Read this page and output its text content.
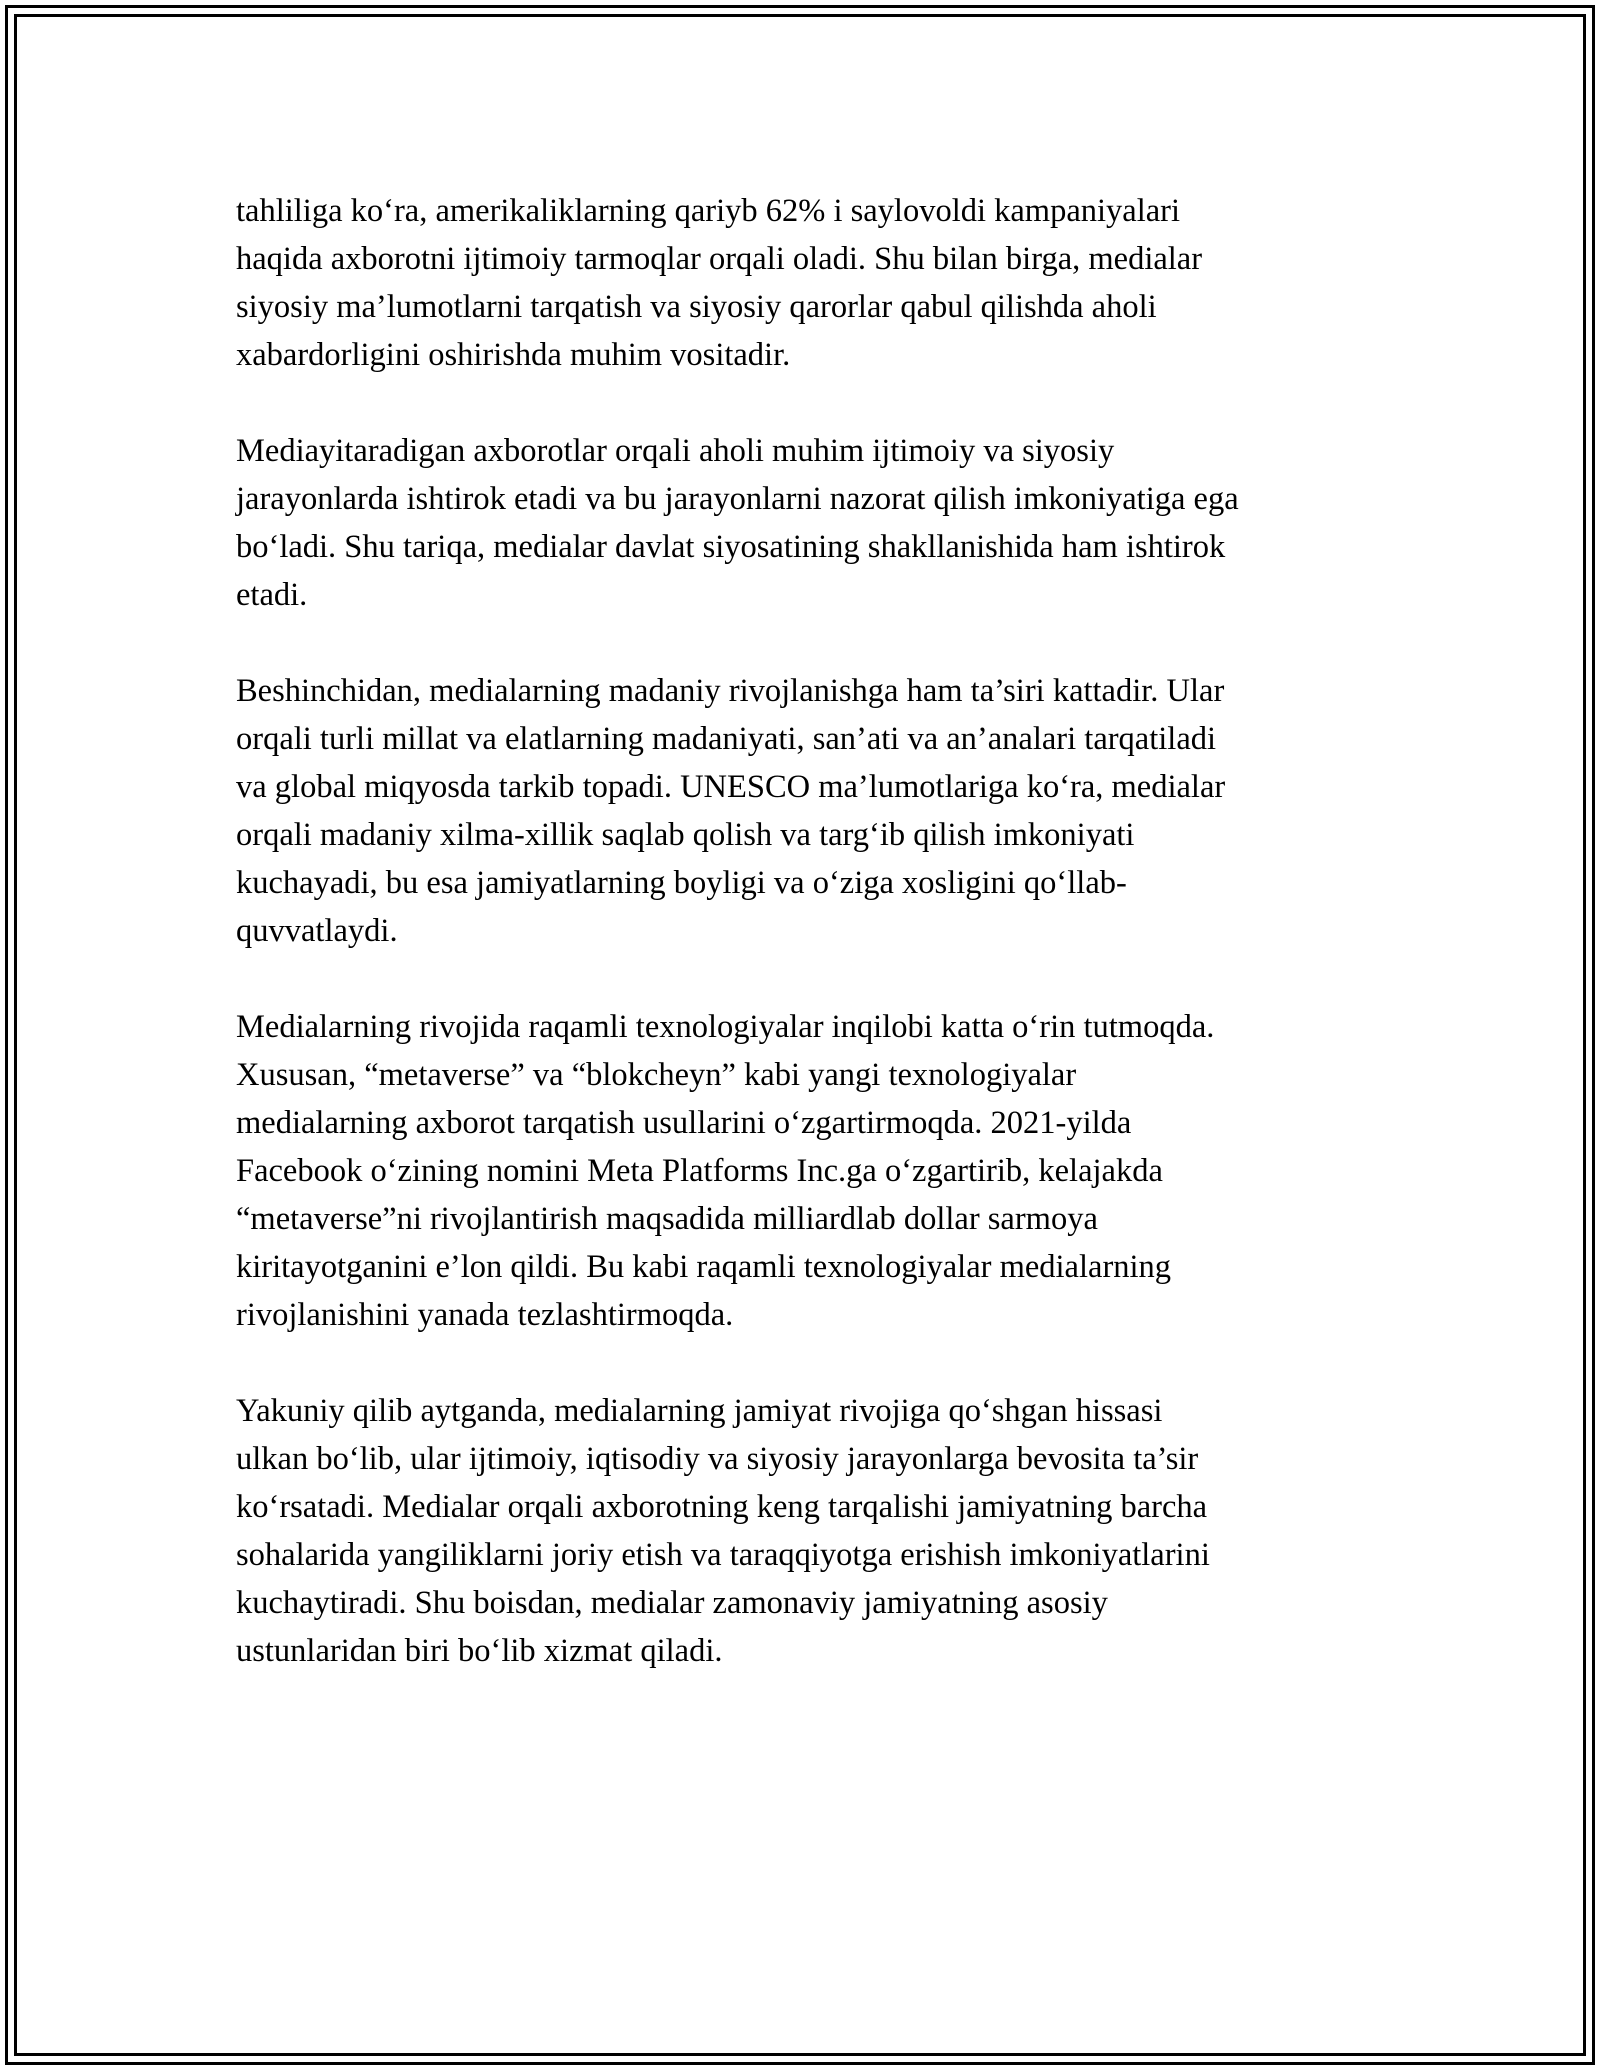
tahliliga ko‘ra, amerikaliklarning qariyb 62% i saylovoldi kampaniyalari
haqida axborotni ijtimoiy tarmoqlar orqali oladi. Shu bilan birga, medialar
siyosiy ma’lumotlarni tarqatish va siyosiy qarorlar qabul qilishda aholi
xabardorligini oshirishda muhim vositadir.

Mediayitaradigan axborotlar orqali aholi muhim ijtimoiy va siyosiy
jarayonlarda ishtirok etadi va bu jarayonlarni nazorat qilish imkoniyatiga ega
bo‘ladi. Shu tariqa, medialar davlat siyosatining shakllanishida ham ishtirok
etadi.

Beshinchidan, medialarning madaniy rivojlanishga ham ta’siri kattadir. Ular
orqali turli millat va elatlarning madaniyati, san’ati va an’analari tarqatiladi
va global miqyosda tarkib topadi. UNESCO ma’lumotlariga ko‘ra, medialar
orqali madaniy xilma-xillik saqlab qolish va targ‘ib qilish imkoniyati
kuchayadi, bu esa jamiyatlarning boyligi va o‘ziga xosligini qo‘llab-
quvvatlaydi.

Medialarning rivojida raqamli texnologiyalar inqilobi katta o‘rin tutmoqda.
Xususan, “metaverse” va “blokcheyn” kabi yangi texnologiyalar
medialarning axborot tarqatish usullarini o‘zgartirmoqda. 2021-yilda
Facebook o‘zining nomini Meta Platforms Inc.ga o‘zgartirib, kelajakda
“metaverse”ni rivojlantirish maqsadida milliardlab dollar sarmoya
kiritayotganini e’lon qildi. Bu kabi raqamli texnologiyalar medialarning
rivojlanishini yanada tezlashtirmoqda.

Yakuniy qilib aytganda, medialarning jamiyat rivojiga qo‘shgan hissasi
ulkan bo‘lib, ular ijtimoiy, iqtisodiy va siyosiy jarayonlarga bevosita ta’sir
ko‘rsatadi. Medialar orqali axborotning keng tarqalishi jamiyatning barcha
sohalarida yangiliklarni joriy etish va taraqqiyotga erishish imkoniyatlarini
kuchaytiradi. Shu boisdan, medialar zamonaviy jamiyatning asosiy
ustunlaridan biri bo‘lib xizmat qiladi.
